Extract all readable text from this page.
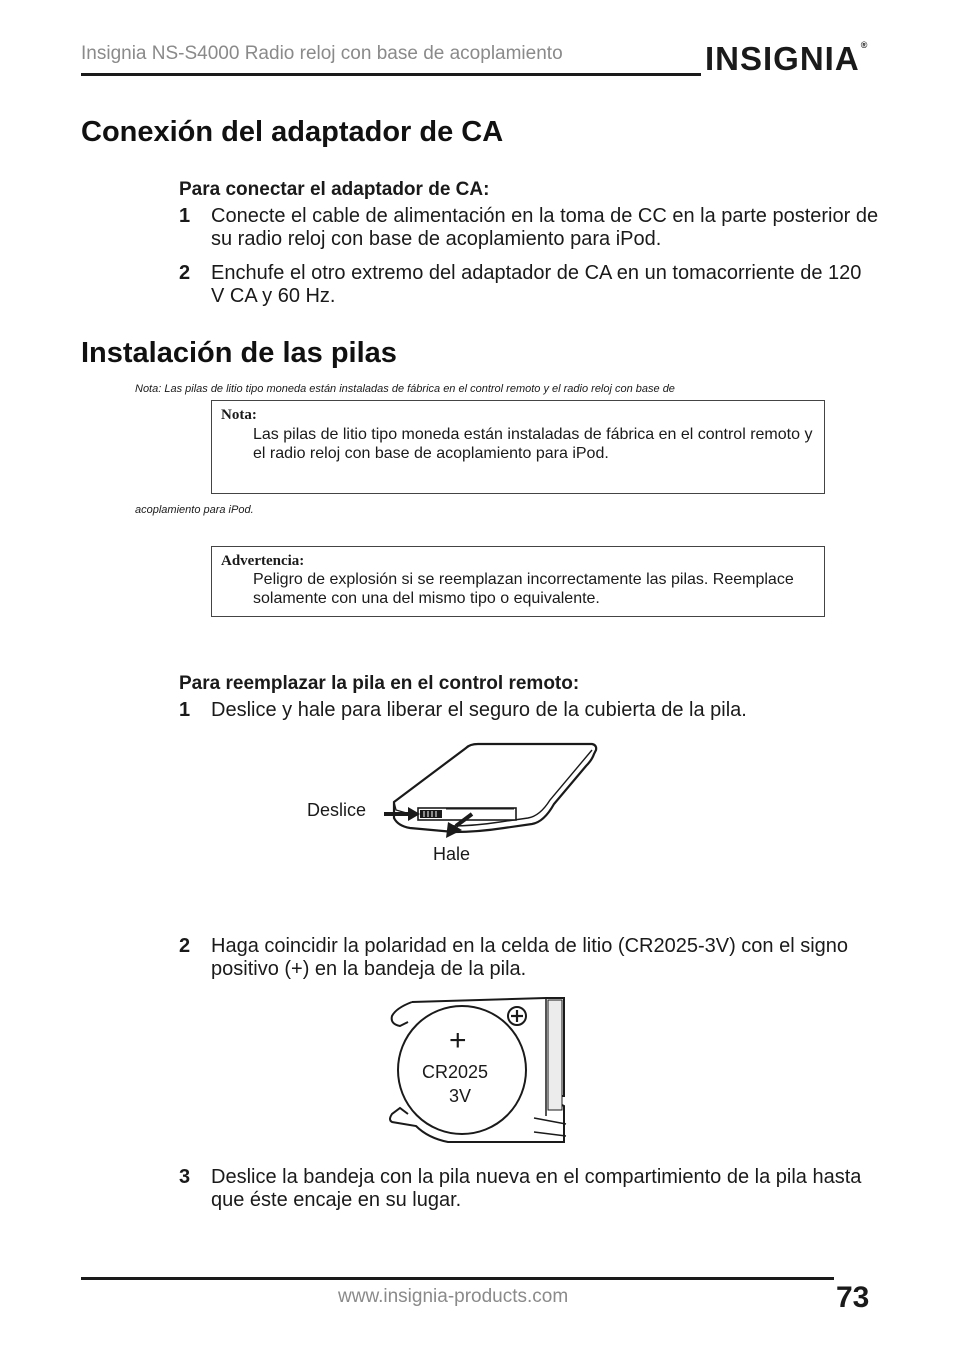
Insignia NS-S4000 Radio reloj con base de acoplamiento	INSIGNIA®
Conexión del adaptador de CA
Para conectar el adaptador de CA:
1	Conecte el cable de alimentación en la toma de CC en la parte posterior de su radio reloj con base de acoplamiento para iPod.
2	Enchufe el otro extremo del adaptador de CA en un tomacorriente de 120 V CA y 60 Hz.
Instalación de las pilas
Nota: Las pilas de litio tipo moneda están instaladas de fábrica en el control remoto y el radio reloj con base de
Nota:
Las pilas de litio tipo moneda están instaladas de fábrica en el control remoto y el radio reloj con base de acoplamiento para iPod.
acoplamiento para iPod.
Advertencia:
Peligro de explosión si se reemplazan incorrectamente las pilas. Reemplace solamente con una del mismo tipo o equivalente.
Para reemplazar la pila en el control remoto:
1	Deslice y hale para liberar el seguro de la cubierta de la pila.
Deslice
Hale
2	Haga coincidir la polaridad en la celda de litio (CR2025-3V) con el signo positivo (+) en la bandeja de la pila.
+
CR2025
3V
3	Deslice la bandeja con la pila nueva en el compartimiento de la pila hasta que éste encaje en su lugar.
www.insignia-products.com	73
